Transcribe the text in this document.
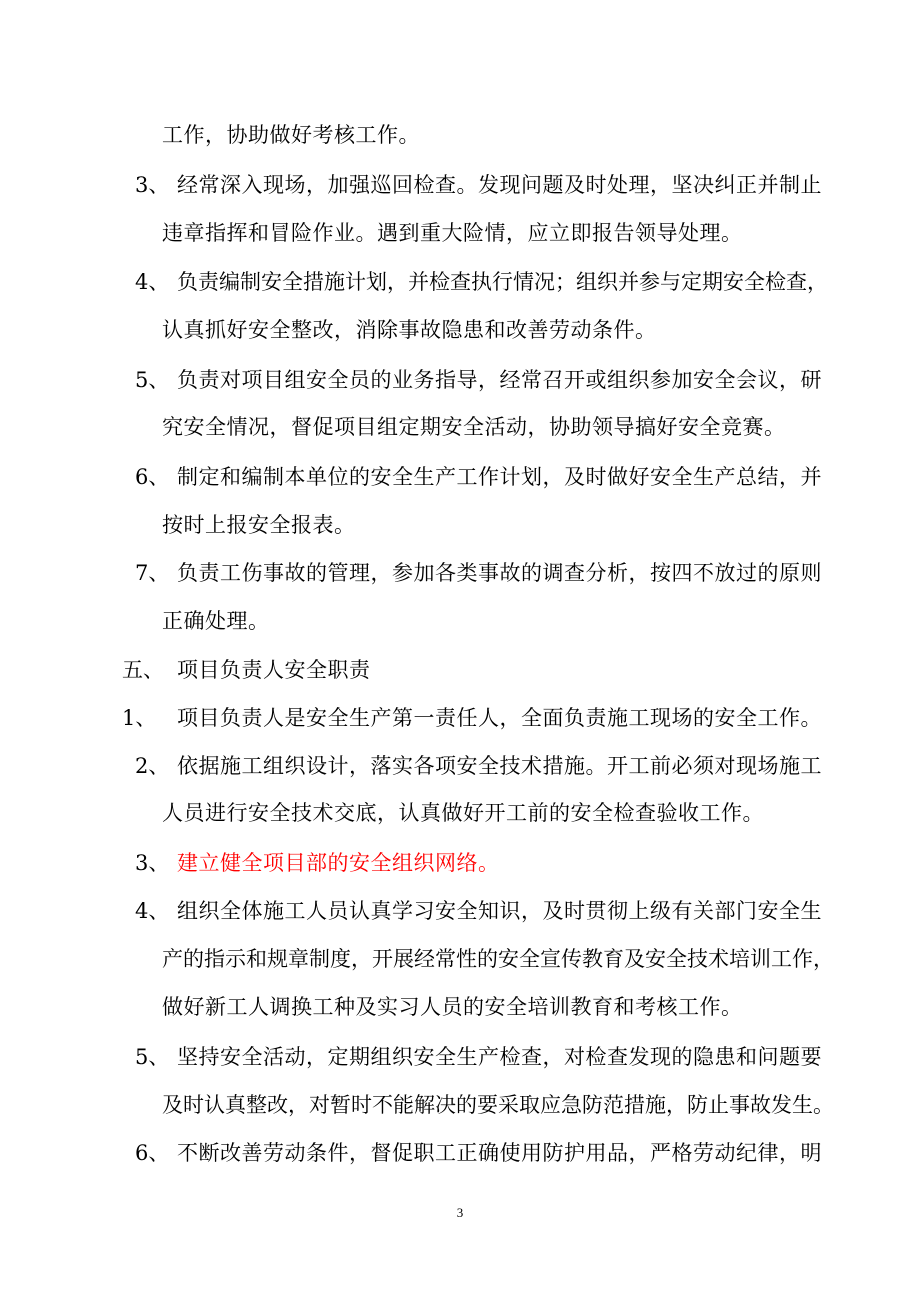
工作，协助做好考核工作。
3、 经常深入现场，加强巡回检查。发现问题及时处理，坚决纠正并制止
违章指挥和冒险作业。遇到重大险情，应立即报告领导处理。
4、 负责编制安全措施计划，并检查执行情况；组织并参与定期安全检查，
认真抓好安全整改，消除事故隐患和改善劳动条件。
5、 负责对项目组安全员的业务指导，经常召开或组织参加安全会议，研
究安全情况，督促项目组定期安全活动，协助领导搞好安全竞赛。
6、 制定和编制本单位的安全生产工作计划，及时做好安全生产总结，并
按时上报安全报表。
7、 负责工伤事故的管理，参加各类事故的调查分析，按四不放过的原则
正确处理。
五、 项目负责人安全职责
1、 项目负责人是安全生产第一责任人，全面负责施工现场的安全工作。
2、 依据施工组织设计，落实各项安全技术措施。开工前必须对现场施工
人员进行安全技术交底，认真做好开工前的安全检查验收工作。
3、 建立健全项目部的安全组织网络。
4、 组织全体施工人员认真学习安全知识，及时贯彻上级有关部门安全生
产的指示和规章制度，开展经常性的安全宣传教育及安全技术培训工作，
做好新工人调换工种及实习人员的安全培训教育和考核工作。
5、 坚持安全活动，定期组织安全生产检查，对检查发现的隐患和问题要
及时认真整改，对暂时不能解决的要采取应急防范措施，防止事故发生。
6、 不断改善劳动条件，督促职工正确使用防护用品，严格劳动纪律，明
3
